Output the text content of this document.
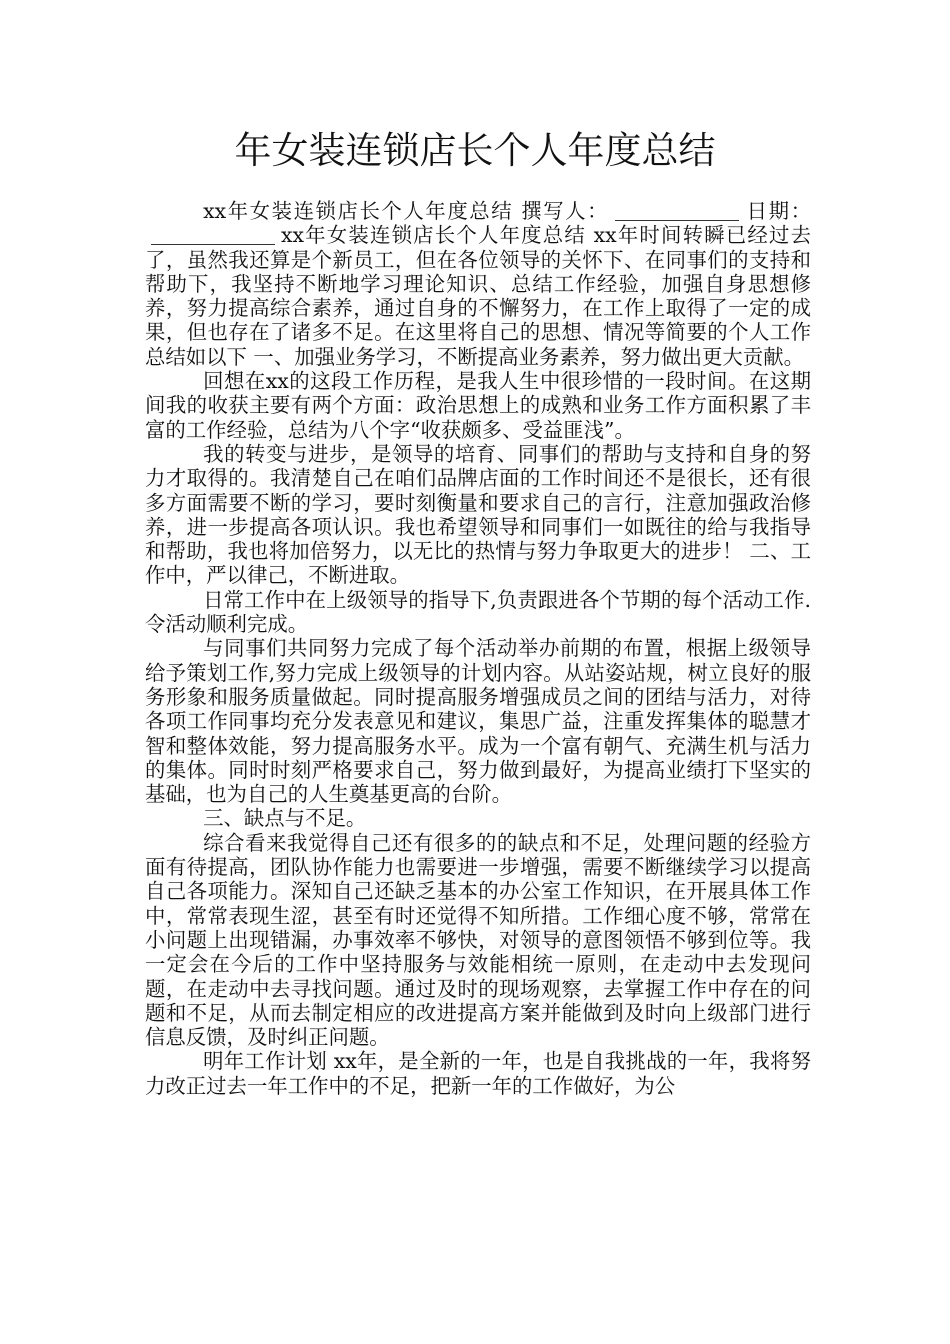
年女装连锁店长个人年度总结

xx年女装连锁店长个人年度总结 撰写人：	日期：xx年女装连锁店长个人年度总结 xx年时间转瞬已经过去了，虽然我还算是个新员工，但在各位领导的关怀下、在同事们的支持和帮助下，我坚持不断地学习理论知识、总结工作经验，加强自身思想修养，努力提高综合素养，通过自身的不懈努力，在工作上取得了一定的成果，但也存在了诸多不足。在这里将自己的思想、情况等简要的个人工作总结如以下 一、加强业务学习，不断提高业务素养，努力做出更大贡献。

回想在xx的这段工作历程，是我人生中很珍惜的一段时间。在这期间我的收获主要有两个方面：政治思想上的成熟和业务工作方面积累了丰富的工作经验，总结为八个字“收获颇多、受益匪浅”。

我的转变与进步，是领导的培育、同事们的帮助与支持和自身的努力才取得的。我清楚自己在咱们品牌店面的工作时间还不是很长，还有很多方面需要不断的学习，要时刻衡量和要求自己的言行，注意加强政治修养，进一步提高各项认识。我也希望领导和同事们一如既往的给与我指导和帮助，我也将加倍努力，以无比的热情与努力争取更大的进步！ 二、工作中，严以律己，不断进取。

日常工作中在上级领导的指导下,负责跟进各个节期的每个活动工作.令活动顺利完成。

与同事们共同努力完成了每个活动举办前期的布置，根据上级领导给予策划工作,努力完成上级领导的计划内容。从站姿站规，树立良好的服务形象和服务质量做起。同时提高服务增强成员之间的团结与活力，对待各项工作同事均充分发表意见和建议，集思广益，注重发挥集体的聪慧才智和整体效能，努力提高服务水平。成为一个富有朝气、充满生机与活力的集体。同时时刻严格要求自己，努力做到最好，为提高业绩打下坚实的基础，也为自己的人生奠基更高的台阶。

三、缺点与不足。

综合看来我觉得自己还有很多的的缺点和不足，处理问题的经验方面有待提高，团队协作能力也需要进一步增强，需要不断继续学习以提高自己各项能力。深知自己还缺乏基本的办公室工作知识，在开展具体工作中，常常表现生涩，甚至有时还觉得不知所措。工作细心度不够，常常在小问题上出现错漏，办事效率不够快，对领导的意图领悟不够到位等。我一定会在今后的工作中坚持服务与效能相统一原则，在走动中去发现问题，在走动中去寻找问题。通过及时的现场观察，去掌握工作中存在的问题和不足，从而去制定相应的改进提高方案并能做到及时向上级部门进行信息反馈，及时纠正问题。

明年工作计划 xx年，是全新的一年，也是自我挑战的一年，我将努力改正过去一年工作中的不足，把新一年的工作做好，为公
